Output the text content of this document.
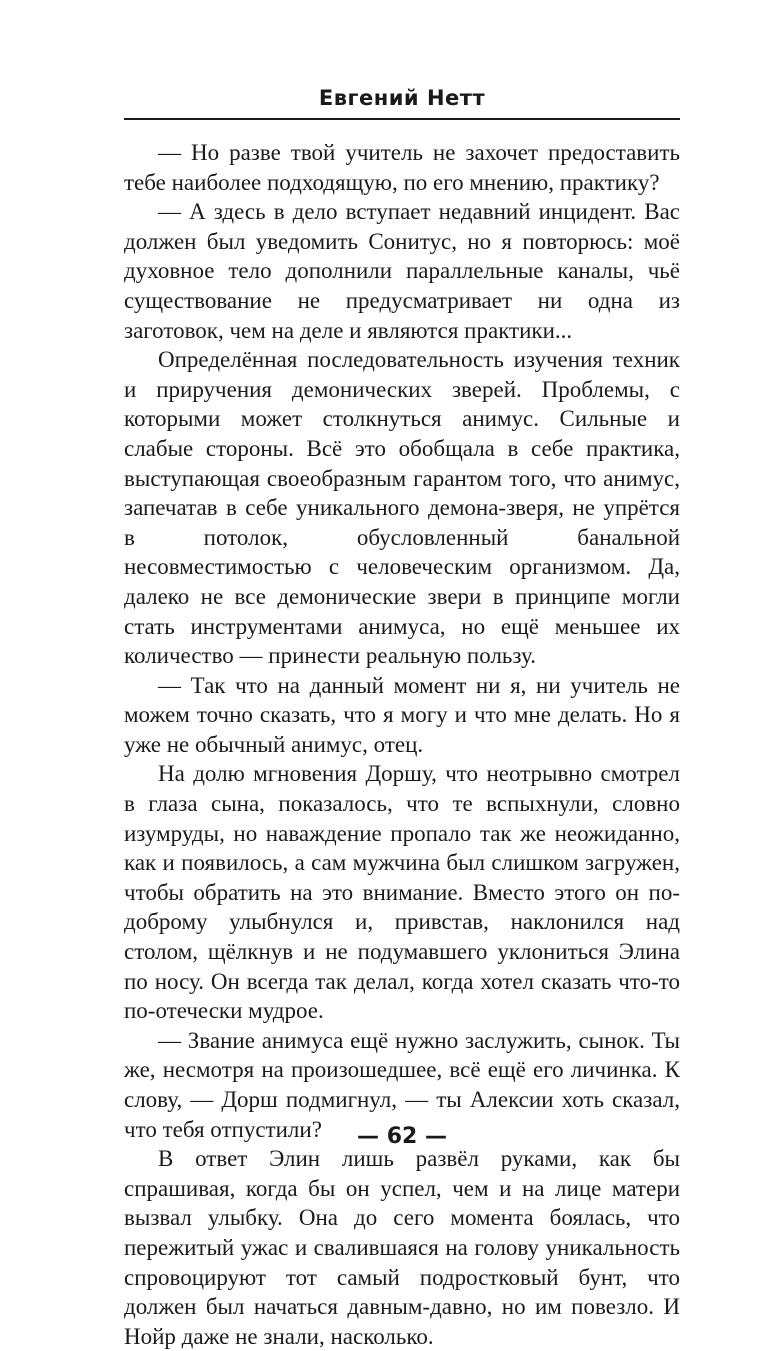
Евгений Нетт

— Но разве твой учитель не захочет предоставить тебе наиболее подходящую, по его мнению, практику?

— А здесь в дело вступает недавний инцидент. Вас должен был уведомить Сонитус, но я повторюсь: моё духовное тело дополнили параллельные каналы, чьё существование не предусматривает ни одна из заготовок, чем на деле и являются практики...

Определённая последовательность изучения техник и приручения демонических зверей. Проблемы, с которыми может столкнуться анимус. Сильные и слабые стороны. Всё это обобщала в себе практика, выступающая своеобразным гарантом того, что анимус, запечатав в себе уникального демона-зверя, не упрётся в потолок, обусловленный банальной несовместимостью с человеческим организмом. Да, далеко не все демонические звери в принципе могли стать инструментами анимуса, но ещё меньшее их количество — принести реальную пользу.

— Так что на данный момент ни я, ни учитель не можем точно сказать, что я могу и что мне делать. Но я уже не обычный анимус, отец.

На долю мгновения Доршу, что неотрывно смотрел в глаза сына, показалось, что те вспыхнули, словно изумруды, но наваждение пропало так же неожиданно, как и появилось, а сам мужчина был слишком загружен, чтобы обратить на это внимание. Вместо этого он по-доброму улыбнулся и, привстав, наклонился над столом, щёлкнув и не подумавшего уклониться Элина по носу. Он всегда так делал, когда хотел сказать что-то по-отечески мудрое.

— Звание анимуса ещё нужно заслужить, сынок. Ты же, несмотря на произошедшее, всё ещё его личинка. К слову, — Дорш подмигнул, — ты Алексии хоть сказал, что тебя отпустили?

В ответ Элин лишь развёл руками, как бы спрашивая, когда бы он успел, чем и на лице матери вызвал улыбку. Она до сего момента боялась, что пережитый ужас и свалившаяся на голову уникальность спровоцируют тот самый подростковый бунт, что должен был начаться давным-давно, но им повезло. И Нойр даже не знали, насколько.

— 62 —
